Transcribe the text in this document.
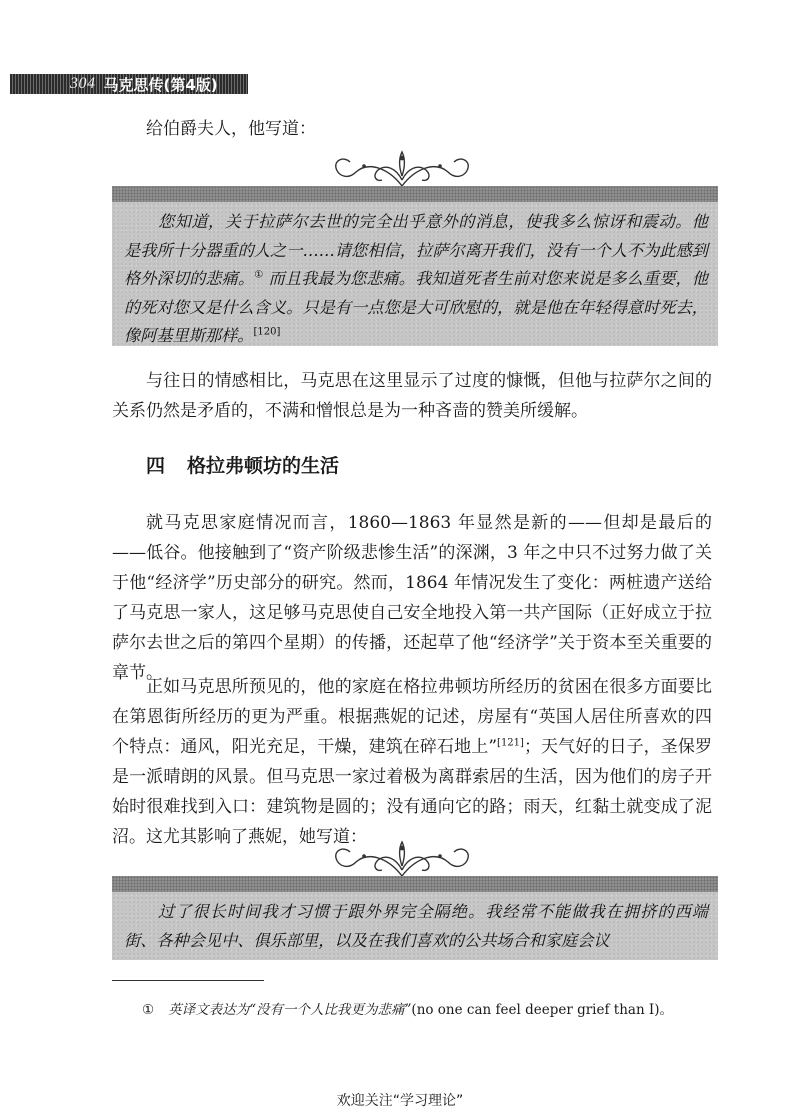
304 马克思传(第4版)

给伯爵夫人，他写道：

您知道，关于拉萨尔去世的完全出乎意外的消息，使我多么惊讶和震动。他是我所十分器重的人之一……请您相信，拉萨尔离开我们，没有一个人不为此感到格外深切的悲痛。① 而且我最为您悲痛。我知道死者生前对您来说是多么重要，他的死对您又是什么含义。只是有一点您是大可欣慰的，就是他在年轻得意时死去，像阿基里斯那样。[120]

与往日的情感相比，马克思在这里显示了过度的慷慨，但他与拉萨尔之间的关系仍然是矛盾的，不满和憎恨总是为一种吝啬的赞美所缓解。

四 格拉弗顿坊的生活

就马克思家庭情况而言，1860—1863 年显然是新的——但却是最后的——低谷。他接触到了“资产阶级悲惨生活”的深渊，3 年之中只不过努力做了关于他“经济学”历史部分的研究。然而，1864 年情况发生了变化：两桩遗产送给了马克思一家人，这足够马克思使自己安全地投入第一共产国际（正好成立于拉萨尔去世之后的第四个星期）的传播，还起草了他“经济学”关于资本至关重要的章节。

正如马克思所预见的，他的家庭在格拉弗顿坊所经历的贫困在很多方面要比在第恩街所经历的更为严重。根据燕妮的记述，房屋有“英国人居住所喜欢的四个特点：通风，阳光充足，干燥，建筑在碎石地上”[121]；天气好的日子，圣保罗是一派晴朗的风景。但马克思一家过着极为离群索居的生活，因为他们的房子开始时很难找到入口：建筑物是圆的；没有通向它的路；雨天，红黏土就变成了泥沼。这尤其影响了燕妮，她写道：

过了很长时间我才习惯于跟外界完全隔绝。我经常不能做我在拥挤的西端街、各种会见中、俱乐部里，以及在我们喜欢的公共场合和家庭会议

① 英译文表达为“没有一个人比我更为悲痛”(no one can feel deeper grief than I)。

欢迎关注“学习理论”
